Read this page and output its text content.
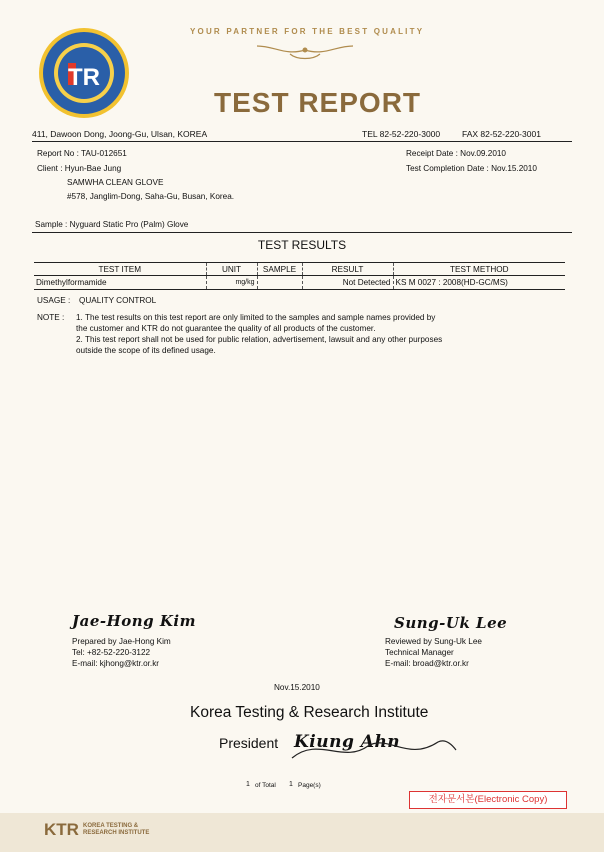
TR
YOUR PARTNER FOR THE BEST QUALITY
TEST REPORT
411, Dawoon Dong, Joong-Gu, Ulsan, KOREA	TEL 82-52-220-3000	FAX 82-52-220-3001
Report No : TAU-012651
Client : Hyun-Bae Jung
SAMWHA CLEAN GLOVE
#578, Janglim-Dong, Saha-Gu, Busan, Korea.
Receipt Date : Nov.09.2010
Test Completion Date : Nov.15.2010
Sample : Nyguard Static Pro (Palm) Glove
TEST RESULTS
TEST ITEM	UNIT	SAMPLE	RESULT	TEST METHOD
Dimethylformamide	mg/kg		Not Detected	KS M 0027 : 2008(HD-GC/MS)
USAGE : QUALITY CONTROL
NOTE : 1. The test results on this test report are only limited to the samples and sample names provided by
the customer and KTR do not guarantee the quality of all products of the customer.
2. This test report shall not be used for public relation, advertisement, lawsuit and any other purposes
outside the scope of its defined usage.
Jae-Hong Kim
Prepared by Jae-Hong Kim
Tel: +82-52-220-3122
E-mail: kjhong@ktr.or.kr
Sung-Uk Lee
Reviewed by Sung-Uk Lee
Technical Manager
E-mail: broad@ktr.or.kr
Nov.15.2010
Korea Testing & Research Institute
President Kiung Ahn
1 of Total 1 Page(s)
전자문서본(Electronic Copy)
KTR KOREA TESTING &
RESEARCH INSTITUTE
